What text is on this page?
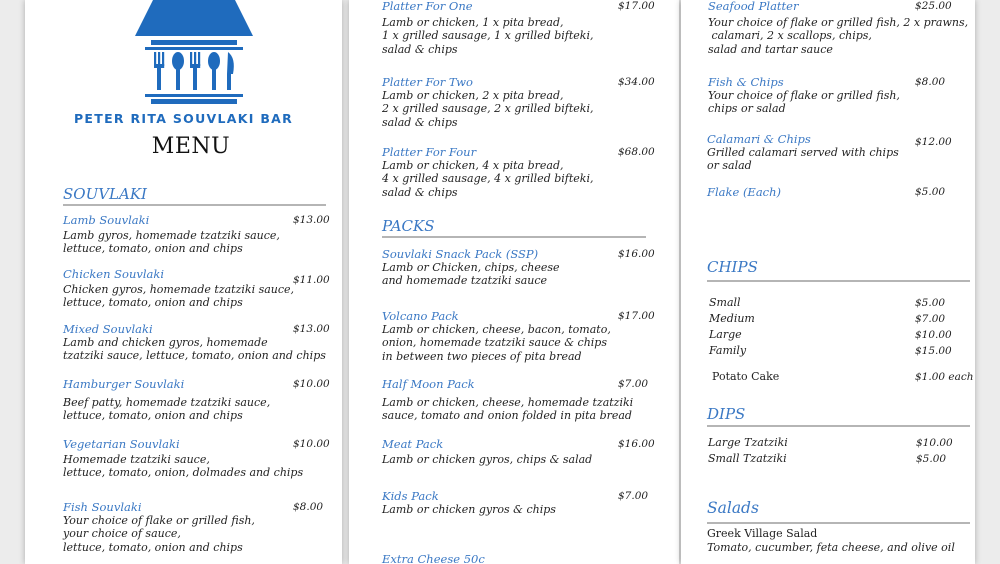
PETER RITA SOUVLAKI BAR
MENU
SOUVLAKI
Lamb Souvlaki	$13.00
Lamb gyros, homemade tzatziki sauce,
lettuce, tomato, onion and chips
Chicken Souvlaki	$11.00
Chicken gyros, homemade tzatziki sauce,
lettuce, tomato, onion and chips
Mixed Souvlaki	$13.00
Lamb and chicken gyros, homemade
tzatziki sauce, lettuce, tomato, onion and chips
Hamburger Souvlaki	$10.00
Beef patty, homemade tzatziki sauce,
lettuce, tomato, onion and chips
Vegetarian Souvlaki	$10.00
Homemade tzatziki sauce,
lettuce, tomato, onion, dolmades and chips
Fish Souvlaki	$8.00
Your choice of flake or grilled fish,
your choice of sauce,
lettuce, tomato, onion and chips
Platter For One	$17.00
Lamb or chicken, 1 x pita bread,
1 x grilled sausage, 1 x grilled bifteki,
salad & chips
Platter For Two	$34.00
Lamb or chicken, 2 x pita bread,
2 x grilled sausage, 2 x grilled bifteki,
salad & chips
Platter For Four	$68.00
Lamb or chicken, 4 x pita bread,
4 x grilled sausage, 4 x grilled bifteki,
salad & chips
PACKS
Souvlaki Snack Pack (SSP)	$16.00
Lamb or Chicken, chips, cheese
and homemade tzatziki sauce
Volcano Pack	$17.00
Lamb or chicken, cheese, bacon, tomato,
onion, homemade tzatziki sauce & chips
in between two pieces of pita bread
Half Moon Pack	$7.00
Lamb or chicken, cheese, homemade tzatziki
sauce, tomato and onion folded in pita bread
Meat Pack	$16.00
Lamb or chicken gyros, chips & salad
Kids Pack	$7.00
Lamb or chicken gyros & chips
Extra Cheese 50c
Seafood Platter	$25.00
Your choice of flake or grilled fish, 2 x prawns,
calamari, 2 x scallops, chips,
salad and tartar sauce
Fish & Chips	$8.00
Your choice of flake or grilled fish,
chips or salad
Calamari & Chips	$12.00
Grilled calamari served with chips
or salad
Flake (Each)	$5.00
CHIPS
Small	$5.00
Medium	$7.00
Large	$10.00
Family	$15.00
Potato Cake	$1.00 each
DIPS
Large Tzatziki	$10.00
Small Tzatziki	$5.00
Salads
Greek Village Salad
Tomato, cucumber, feta cheese, and olive oil
